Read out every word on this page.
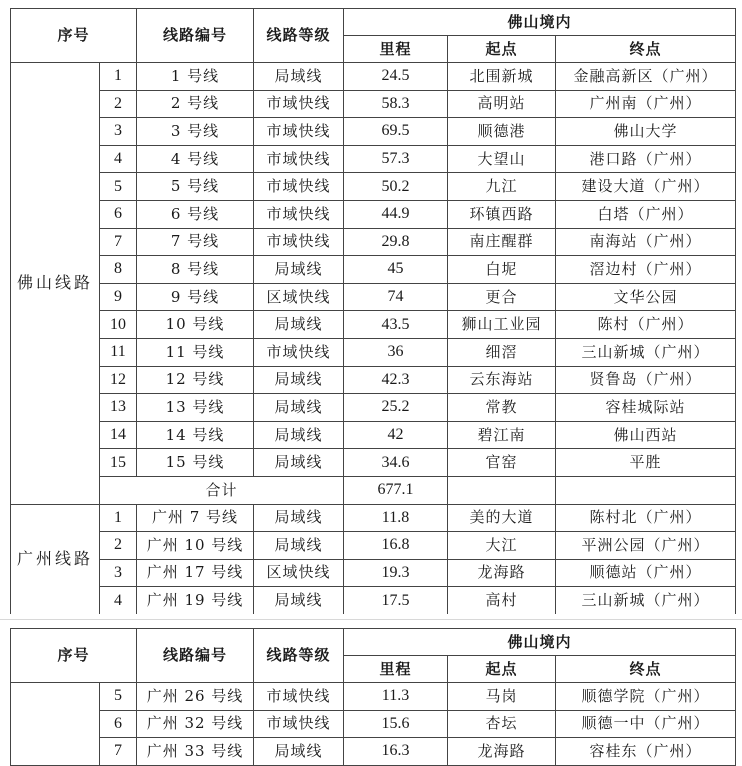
序号		线路编号	线路等级	佛山境内		
				里程	起点	终点
佛山线路	1	1 号线	局域线	24.5	北围新城	金融高新区（广州）
	2	2 号线	市域快线	58.3	高明站	广州南（广州）
	3	3 号线	市域快线	69.5	顺德港	佛山大学
	4	4 号线	市域快线	57.3	大望山	港口路（广州）
	5	5 号线	市域快线	50.2	九江	建设大道（广州）
	6	6 号线	市域快线	44.9	环镇西路	白塔（广州）
	7	7 号线	市域快线	29.8	南庄醒群	南海站（广州）
	8	8 号线	局域线	45	白坭	滘边村（广州）
	9	9 号线	区域快线	74	更合	文华公园
	10	10 号线	局域线	43.5	狮山工业园	陈村（广州）
	11	11 号线	市域快线	36	细滘	三山新城（广州）
	12	12 号线	局域线	42.3	云东海站	贤鲁岛（广州）
	13	13 号线	局域线	25.2	常教	容桂城际站
	14	14 号线	局域线	42	碧江南	佛山西站
	15	15 号线	局域线	34.6	官窑	平胜
	合计			677.1		
广州线路	1	广州 7 号线	局域线	11.8	美的大道	陈村北（广州）
	2	广州 10 号线	局域线	16.8	大江	平洲公园（广州）
	3	广州 17 号线	区域快线	19.3	龙海路	顺德站（广州）
	4	广州 19 号线	局域线	17.5	高村	三山新城（广州）
序号		线路编号	线路等级	佛山境内		
				里程	起点	终点
	5	广州 26 号线	市域快线	11.3	马岗	顺德学院（广州）
	6	广州 32 号线	市域快线	15.6	杏坛	顺德一中（广州）
	7	广州 33 号线	局域线	16.3	龙海路	容桂东（广州）
